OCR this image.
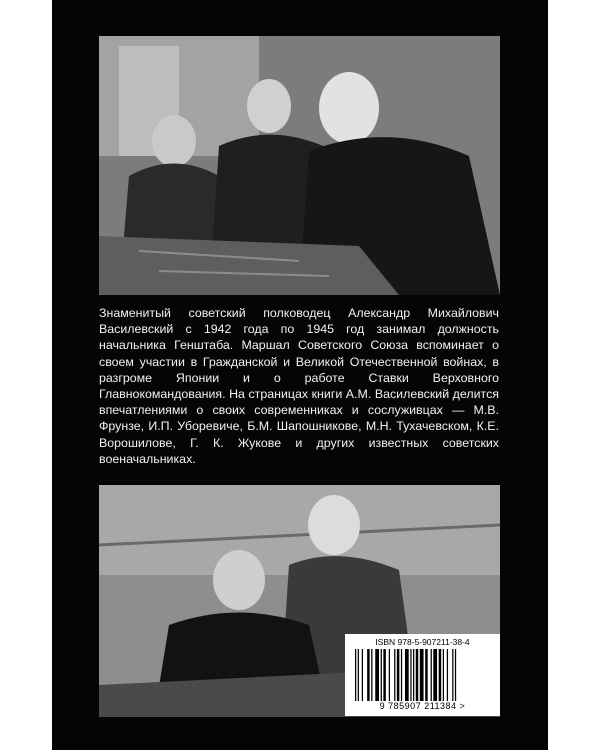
Знаменитый советский полководец Александр Михайлович Василевский с 1942 года по 1945 год занимал должность начальника Генштаба. Маршал Советского Союза вспоминает о своем участии в Гражданской и Великой Отечественной войнах, в разгроме Японии и о работе Ставки Верховного Главнокомандования. На страницах книги А.М. Василевский делится впечатлениями о своих современниках и сослуживцах — М.В. Фрунзе, И.П. Уборевиче, Б.М. Шапошникове, М.Н. Тухачевском, К.Е. Ворошилове, Г. К. Жукове и других известных советских военачальниках.
ISBN 978-5-907211-38-4
9 785907 211384 >
